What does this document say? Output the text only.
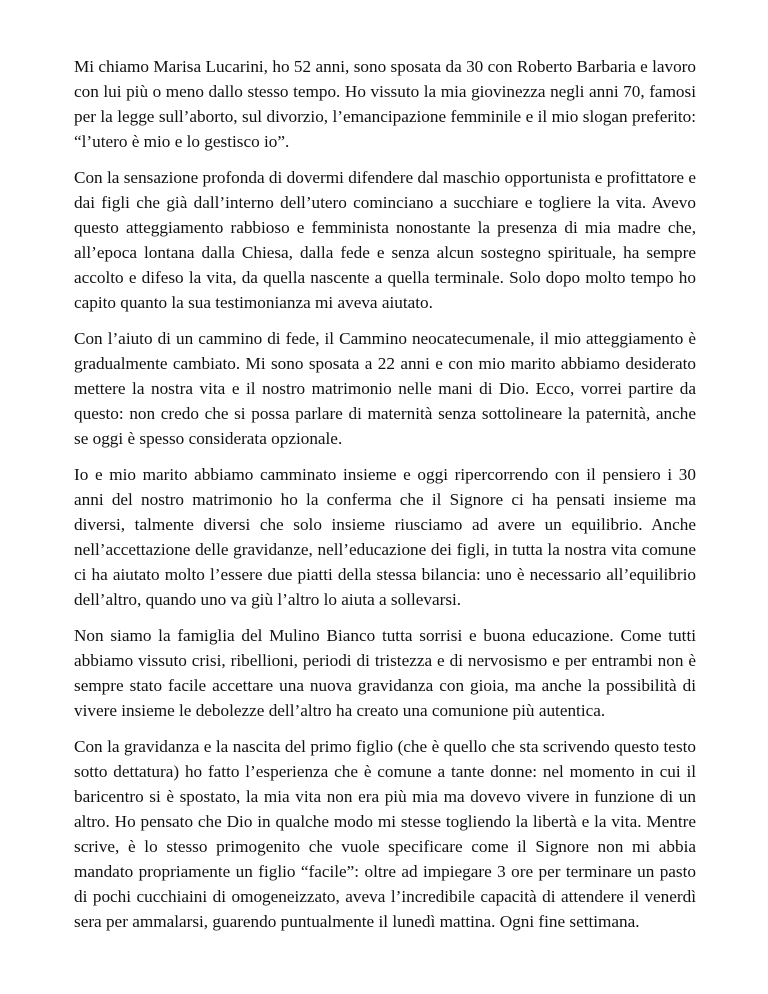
Mi chiamo Marisa Lucarini, ho 52 anni, sono sposata da 30 con Roberto Barbaria e lavoro con lui più o meno dallo stesso tempo. Ho vissuto la mia giovinezza negli anni 70, famosi per la legge sull’aborto, sul divorzio, l’emancipazione femminile e il mio slogan preferito: “l’utero è mio e lo gestisco io”.

Con la sensazione profonda di dovermi difendere dal maschio opportunista e profittatore e dai figli che già dall’interno dell’utero cominciano a succhiare e togliere la vita. Avevo questo atteggiamento rabbioso e femminista nonostante la presenza di mia madre che, all’epoca lontana dalla Chiesa, dalla fede e senza alcun sostegno spirituale, ha sempre accolto e difeso la vita, da quella nascente a quella terminale. Solo dopo molto tempo ho capito quanto la sua testimonianza mi aveva aiutato.

Con l’aiuto di un cammino di fede, il Cammino neocatecumenale, il mio atteggiamento è gradualmente cambiato. Mi sono sposata a 22 anni e con mio marito abbiamo desiderato mettere la nostra vita e il nostro matrimonio nelle mani di Dio. Ecco, vorrei partire da questo: non credo che si possa parlare di maternità senza sottolineare la paternità, anche se oggi è spesso considerata opzionale.

Io e mio marito abbiamo camminato insieme e oggi ripercorrendo con il pensiero i 30 anni del nostro matrimonio ho la conferma che il Signore ci ha pensati insieme ma diversi, talmente diversi che solo insieme riusciamo ad avere un equilibrio. Anche nell’accettazione delle gravidanze, nell’educazione dei figli, in tutta la nostra vita comune ci ha aiutato molto l’essere due piatti della stessa bilancia: uno è necessario all’equilibrio dell’altro, quando uno va giù l’altro lo aiuta a sollevarsi.

Non siamo la famiglia del Mulino Bianco tutta sorrisi e buona educazione. Come tutti abbiamo vissuto crisi, ribellioni, periodi di tristezza e di nervosismo e per entrambi non è sempre stato facile accettare una nuova gravidanza con gioia, ma anche la possibilità di vivere insieme le debolezze dell’altro ha creato una comunione più autentica.

Con la gravidanza e la nascita del primo figlio (che è quello che sta scrivendo questo testo sotto dettatura) ho fatto l’esperienza che è comune a tante donne: nel momento in cui il baricentro si è spostato, la mia vita non era più mia ma dovevo vivere in funzione di un altro. Ho pensato che Dio in qualche modo mi stesse togliendo la libertà e la vita. Mentre scrive, è lo stesso primogenito che vuole specificare come il Signore non mi abbia mandato propriamente un figlio “facile”: oltre ad impiegare 3 ore per terminare un pasto di pochi cucchiaini di omogeneizzato, aveva l’incredibile capacità di attendere il venerdì sera per ammalarsi, guarendo puntualmente il lunedì mattina. Ogni fine settimana.
